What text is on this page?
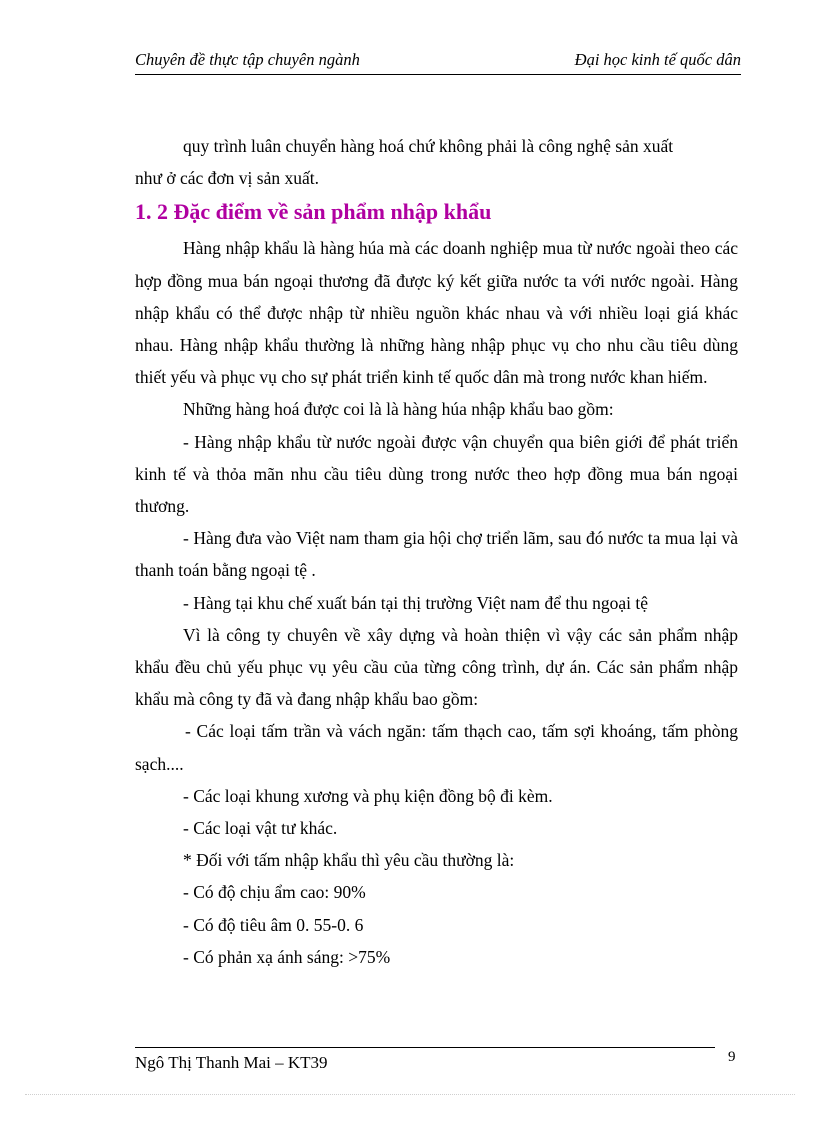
Chuyên đề thực tập chuyên ngành	Đại học kinh tế quốc dân

quy trình luân chuyển hàng hoá chứ không phải là công nghệ sản xuất

như ở các đơn vị sản xuất.

1. 2 Đặc điểm về sản phẩm nhập khẩu

Hàng nhập khẩu là hàng húa mà các doanh nghiệp mua từ nước ngoài theo các hợp đồng mua bán ngoại thương đã được ký kết giữa nước ta với nước ngoài. Hàng nhập khẩu có thể được nhập từ nhiều nguồn khác nhau và với nhiều loại giá khác nhau. Hàng nhập khẩu thường là những hàng nhập phục vụ cho nhu cầu tiêu dùng thiết yếu và phục vụ cho sự phát triển kinh tế quốc dân mà trong nước khan hiếm.

Những hàng hoá được coi là là hàng húa nhập khẩu bao gồm:

- Hàng nhập khẩu từ nước ngoài được vận chuyển qua biên giới để phát triển kinh tế và thỏa mãn nhu cầu tiêu dùng trong nước theo hợp đồng mua bán ngoại thương.

- Hàng đưa vào Việt nam tham gia hội chợ triển lãm, sau đó nước ta mua lại và thanh toán bằng ngoại tệ .

- Hàng tại khu chế xuất bán tại thị trường Việt nam để thu ngoại tệ

Vì là công ty chuyên về xây dựng và hoàn thiện vì vậy các sản phẩm nhập khẩu đều chủ yếu phục vụ yêu cầu của từng công trình, dự án. Các sản phẩm nhập khẩu mà công ty đã và đang nhập khẩu bao gồm:

- Các loại tấm trần và vách ngăn: tấm thạch cao, tấm sợi khoáng, tấm phòng sạch....

- Các loại khung xương và phụ kiện đồng bộ đi kèm.

- Các loại vật tư khác.

* Đối với tấm nhập khẩu thì yêu cầu thường là:

- Có độ chịu ẩm cao: 90%

- Có độ tiêu âm 0. 55-0. 6

- Có phản xạ ánh sáng: >75%

Ngô Thị Thanh Mai – KT39	9
